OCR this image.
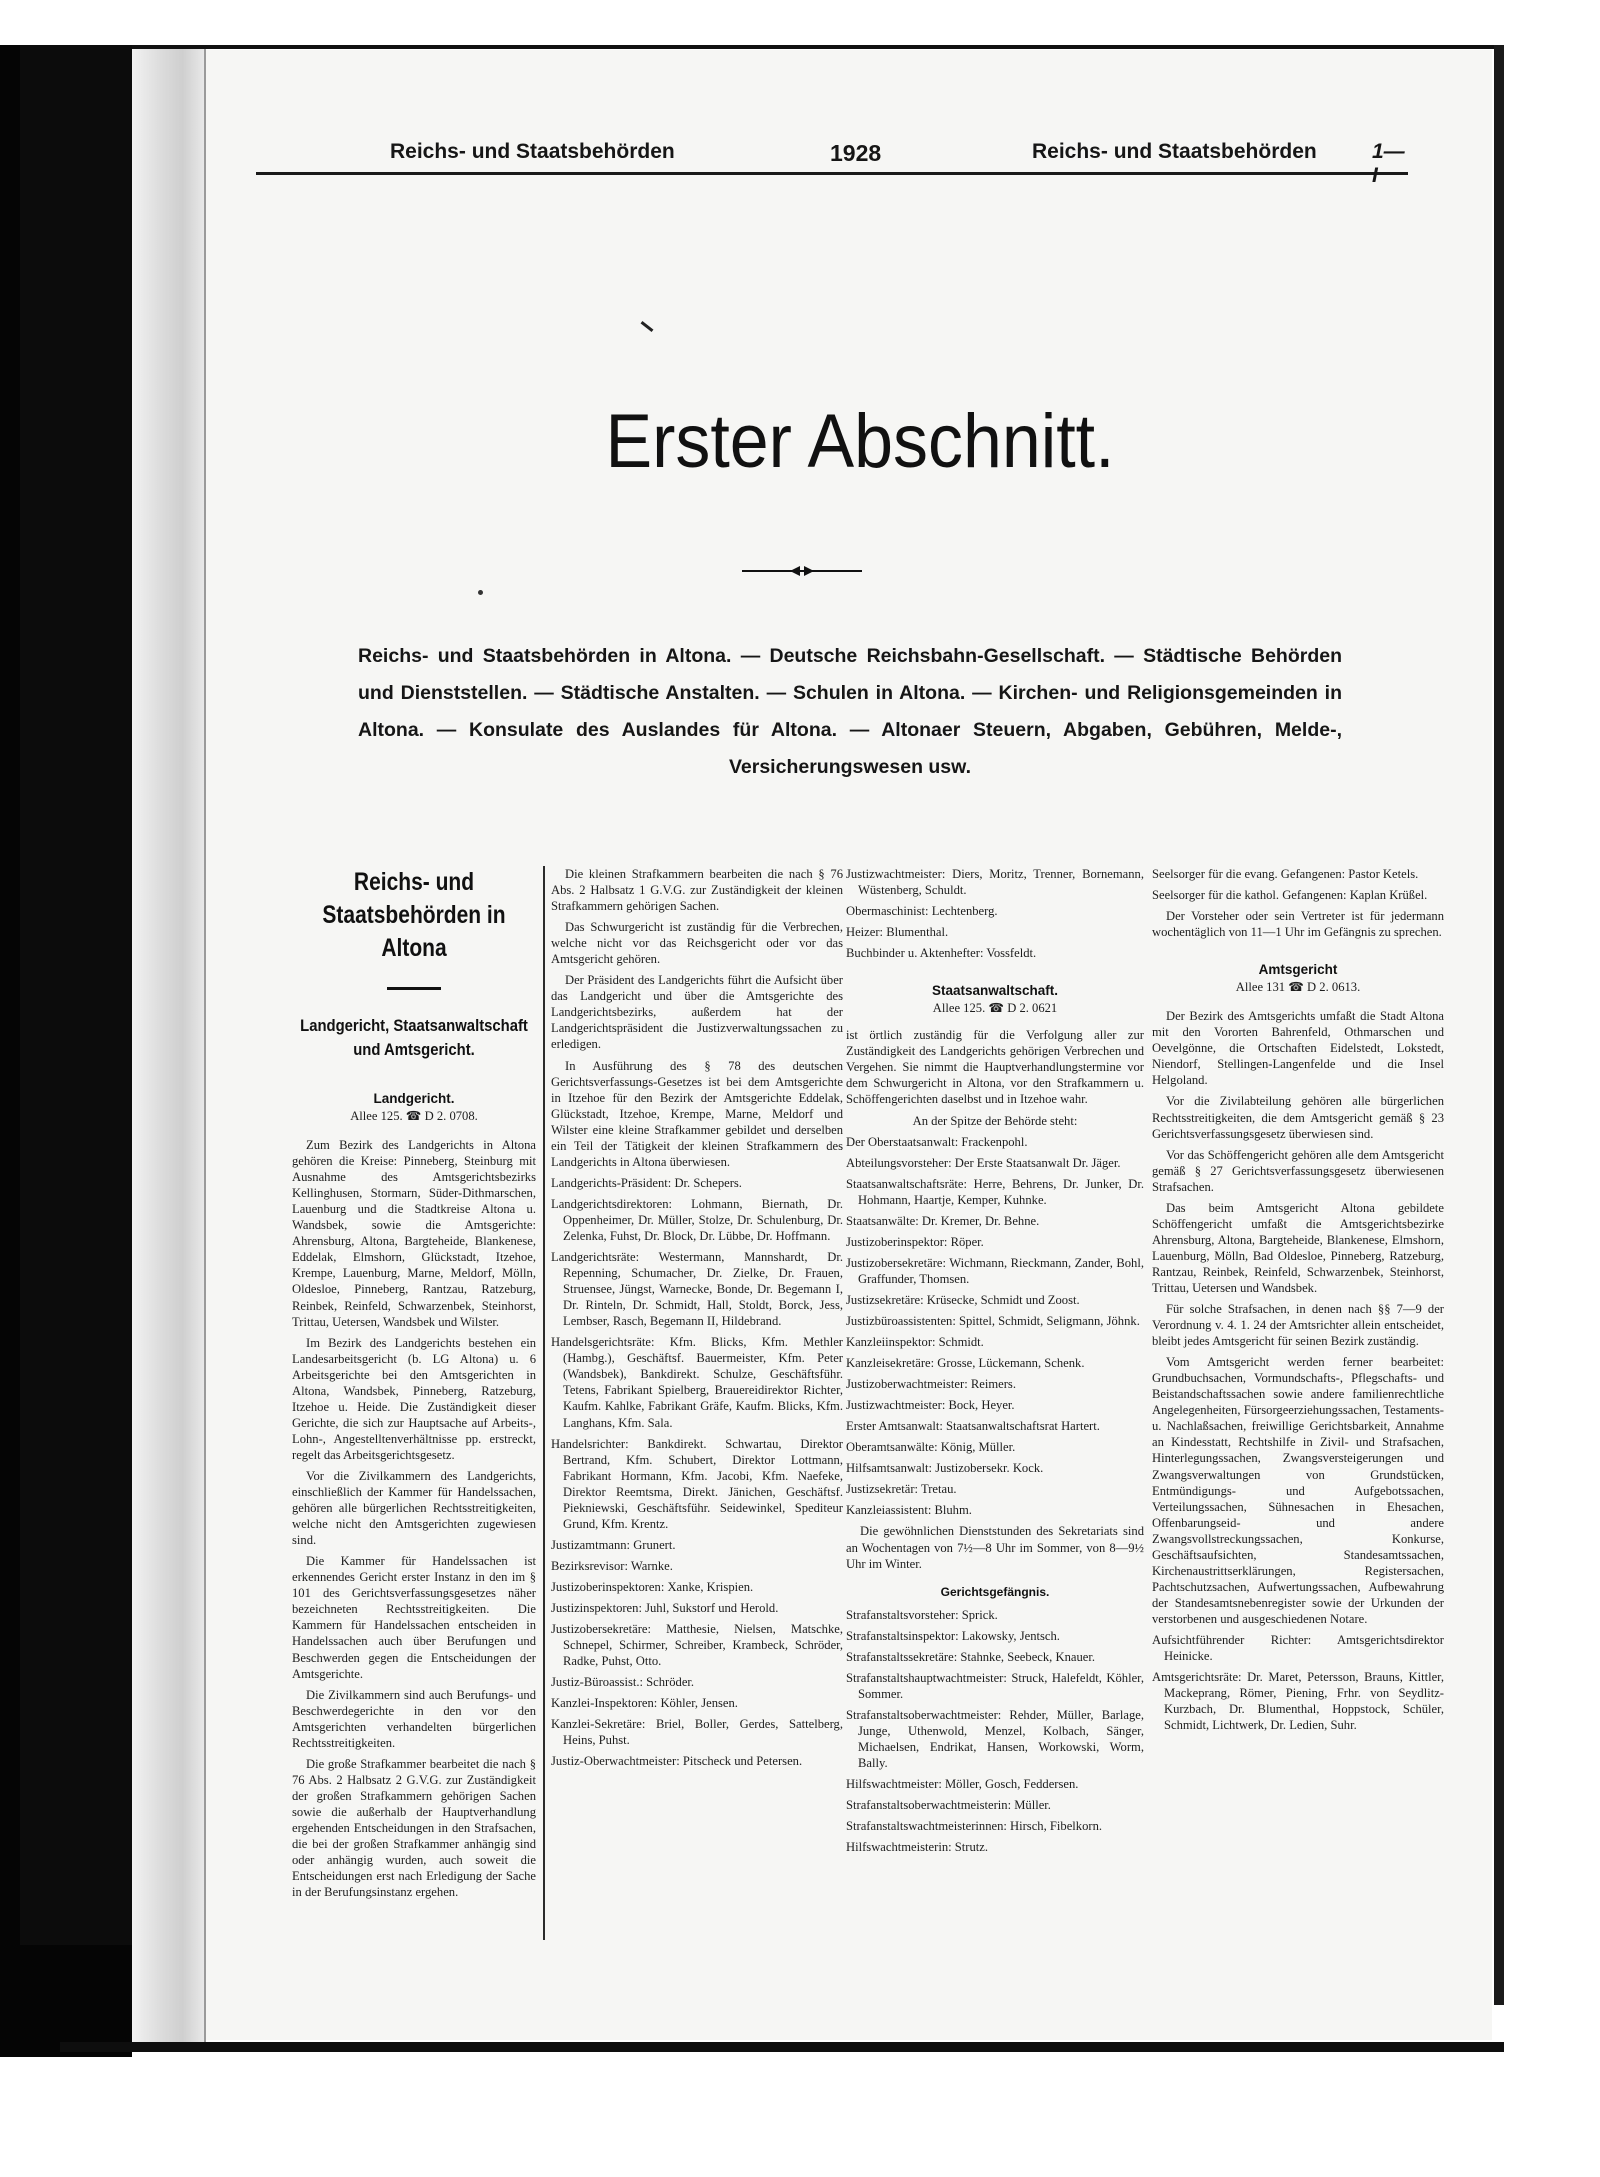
Reichs- und Staatsbehörden	1928	Reichs- und Staatsbehörden	1—I
Erster Abschnitt.
Reichs- und Staatsbehörden in Altona. — Deutsche Reichsbahn-Gesellschaft. — Städtische Behörden und Dienststellen. — Städtische Anstalten. — Schulen in Altona. — Kirchen- und Religionsgemeinden in Altona. — Konsulate des Auslandes für Altona. — Altonaer Steuern, Abgaben, Gebühren, Melde-, Versicherungswesen usw.
Reichs- und Staatsbehörden in Altona
Landgericht, Staatsanwaltschaft und Amtsgericht.
Landgericht.

Allee 125. ☎ D 2. 0708.

Zum Bezirk des Landgerichts in Altona gehören die Kreise: Pinneberg, Steinburg mit Ausnahme des Amtsgerichtsbezirks Kellinghusen, Stormarn, Süder-Dithmarschen, Lauenburg und die Stadtkreise Altona u. Wandsbek, sowie die Amtsgerichte: Ahrensburg, Altona, Bargteheide, Blankenese, Eddelak, Elmshorn, Glückstadt, Itzehoe, Krempe, Lauenburg, Marne, Meldorf, Mölln, Oldesloe, Pinneberg, Rantzau, Ratzeburg, Reinbek, Reinfeld, Schwarzenbek, Steinhorst, Trittau, Uetersen, Wandsbek und Wilster.

Im Bezirk des Landgerichts bestehen ein Landesarbeitsgericht (b. LG Altona) u. 6 Arbeitsgerichte bei den Amtsgerichten in Altona, Wandsbek, Pinneberg, Ratzeburg, Itzehoe u. Heide. Die Zuständigkeit dieser Gerichte, die sich zur Hauptsache auf Arbeits-, Lohn-, Angestelltenverhältnisse pp. erstreckt, regelt das Arbeitsgerichtsgesetz.

Vor die Zivilkammern des Landgerichts, einschließlich der Kammer für Handelssachen, gehören alle bürgerlichen Rechtsstreitigkeiten, welche nicht den Amtsgerichten zugewiesen sind.

Die Kammer für Handelssachen ist erkennendes Gericht erster Instanz in den im § 101 des Gerichtsverfassungsgesetzes näher bezeichneten Rechtsstreitigkeiten. Die Kammern für Handelssachen entscheiden in Handelssachen auch über Berufungen und Beschwerden gegen die Entscheidungen der Amtsgerichte.

Die Zivilkammern sind auch Berufungs- und Beschwerdegerichte in den vor den Amtsgerichten verhandelten bürgerlichen Rechtsstreitigkeiten.

Die große Strafkammer bearbeitet die nach § 76 Abs. 2 Halbsatz 2 G.V.G. zur Zuständigkeit der großen Strafkammern gehörigen Sachen sowie die außerhalb der Hauptverhandlung ergehenden Entscheidungen in den Strafsachen, die bei der großen Strafkammer anhängig sind oder anhängig wurden, auch soweit die Entscheidungen erst nach Erledigung der Sache in der Berufungsinstanz ergehen.

Die kleinen Strafkammern bearbeiten die nach § 76 Abs. 2 Halbsatz 1 G.V.G. zur Zuständigkeit der kleinen Strafkammern gehörigen Sachen.

Das Schwurgericht ist zuständig für die Verbrechen, welche nicht vor das Reichsgericht oder vor das Amtsgericht gehören.

Der Präsident des Landgerichts führt die Aufsicht über das Landgericht und über die Amtsgerichte des Landgerichtsbezirks, außerdem hat der Landgerichtspräsident die Justizverwaltungssachen zu erledigen.

In Ausführung des § 78 des deutschen Gerichtsverfassungs-Gesetzes ist bei dem Amtsgerichte in Itzehoe für den Bezirk der Amtsgerichte Eddelak, Glückstadt, Itzehoe, Krempe, Marne, Meldorf und Wilster eine kleine Strafkammer gebildet und derselben ein Teil der Tätigkeit der kleinen Strafkammern des Landgerichts in Altona überwiesen.

Landgerichts-Präsident: Dr. Schepers.

Landgerichtsdirektoren: Lohmann, Biernath, Dr. Oppenheimer, Dr. Müller, Stolze, Dr. Schulenburg, Dr. Zelenka, Fuhst, Dr. Block, Dr. Lübbe, Dr. Hoffmann.

Landgerichtsräte: Westermann, Mannshardt, Dr. Repenning, Schumacher, Dr. Zielke, Dr. Frauen, Struensee, Jüngst, Warnecke, Bonde, Dr. Begemann I, Dr. Rinteln, Dr. Schmidt, Hall, Stoldt, Borck, Jess, Lembser, Rasch, Begemann II, Hildebrand.

Handelsgerichtsräte: Kfm. Blicks, Kfm. Methler (Hambg.), Geschäftsf. Bauermeister, Kfm. Peter (Wandsbek), Bankdirekt. Schulze, Geschäftsführ. Tetens, Fabrikant Spielberg, Brauereidirektor Richter, Kaufm. Kahlke, Fabrikant Gräfe, Kaufm. Blicks, Kfm. Langhans, Kfm. Sala.

Handelsrichter: Bankdirekt. Schwartau, Direktor Bertrand, Kfm. Schubert, Direktor Lottmann, Fabrikant Hormann, Kfm. Jacobi, Kfm. Naefeke, Direktor Reemtsma, Direkt. Jänichen, Geschäftsf. Piekniewski, Geschäftsführ. Seidewinkel, Spediteur Grund, Kfm. Krentz.

Justizamtmann: Grunert.

Bezirksrevisor: Warnke.

Justizoberinspektoren: Xanke, Krispien.

Justizinspektoren: Juhl, Sukstorf und Herold.

Justizobersekretäre: Matthesie, Nielsen, Matschke, Schnepel, Schirmer, Schreiber, Krambeck, Schröder, Radke, Puhst, Otto.

Justiz-Büroassist.: Schröder.

Kanzlei-Inspektoren: Köhler, Jensen.

Kanzlei-Sekretäre: Briel, Boller, Gerdes, Sattelberg, Heins, Puhst.

Justiz-Oberwachtmeister: Pitscheck und Petersen.

Justizwachtmeister: Diers, Moritz, Trenner, Bornemann, Wüstenberg, Schuldt.

Obermaschinist: Lechtenberg.

Heizer: Blumenthal.

Buchbinder u. Aktenhefter: Vossfeldt.

Staatsanwaltschaft.

Allee 125. ☎ D 2. 0621

ist örtlich zuständig für die Verfolgung aller zur Zuständigkeit des Landgerichts gehörigen Verbrechen und Vergehen. Sie nimmt die Hauptverhandlungstermine vor dem Schwurgericht in Altona, vor den Strafkammern u. Schöffengerichten daselbst und in Itzehoe wahr.

An der Spitze der Behörde steht:

Der Oberstaatsanwalt: Frackenpohl.

Abteilungsvorsteher: Der Erste Staatsanwalt Dr. Jäger.

Staatsanwaltschaftsräte: Herre, Behrens, Dr. Junker, Dr. Hohmann, Haartje, Kemper, Kuhnke.

Staatsanwälte: Dr. Kremer, Dr. Behne.

Justizoberinspektor: Röper.

Justizobersekretäre: Wichmann, Rieckmann, Zander, Bohl, Graffunder, Thomsen.

Justizsekretäre: Krüsecke, Schmidt und Zoost.

Justizbüroassistenten: Spittel, Schmidt, Seligmann, Jöhnk.

Kanzleiinspektor: Schmidt.

Kanzleisekretäre: Grosse, Lückemann, Schenk.

Justizoberwachtmeister: Reimers.

Justizwachtmeister: Bock, Heyer.

Erster Amtsanwalt: Staatsanwaltschaftsrat Hartert.

Oberamtsanwälte: König, Müller.

Hilfsamtsanwalt: Justizobersekr. Kock.

Justizsekretär: Tretau.

Kanzleiassistent: Bluhm.

Die gewöhnlichen Dienststunden des Sekretariats sind an Wochentagen von 7½—8 Uhr im Sommer, von 8—9½ Uhr im Winter.

Gerichtsgefängnis.

Strafanstaltsvorsteher: Sprick.

Strafanstaltsinspektor: Lakowsky, Jentsch.

Strafanstaltssekretäre: Stahnke, Seebeck, Knauer.

Strafanstaltshauptwachtmeister: Struck, Halefeldt, Köhler, Sommer.

Strafanstaltsoberwachtmeister: Rehder, Müller, Barlage, Junge, Uthenwold, Menzel, Kolbach, Sänger, Michaelsen, Endrikat, Hansen, Workowski, Worm, Bally.

Hilfswachtmeister: Möller, Gosch, Feddersen.

Strafanstaltsoberwachtmeisterin: Müller.

Strafanstaltswachtmeisterinnen: Hirsch, Fibelkorn.

Hilfswachtmeisterin: Strutz.

Seelsorger für die evang. Gefangenen: Pastor Ketels.

Seelsorger für die kathol. Gefangenen: Kaplan Krüßel.

Der Vorsteher oder sein Vertreter ist für jedermann wochentäglich von 11—1 Uhr im Gefängnis zu sprechen.

Amtsgericht

Allee 131 ☎ D 2. 0613.

Der Bezirk des Amtsgerichts umfaßt die Stadt Altona mit den Vororten Bahrenfeld, Othmarschen und Oevelgönne, die Ortschaften Eidelstedt, Lokstedt, Niendorf, Stellingen-Langenfelde und die Insel Helgoland.

Vor die Zivilabteilung gehören alle bürgerlichen Rechtsstreitigkeiten, die dem Amtsgericht gemäß § 23 Gerichtsverfassungsgesetz überwiesen sind.

Vor das Schöffengericht gehören alle dem Amtsgericht gemäß § 27 Gerichtsverfassungsgesetz überwiesenen Strafsachen.

Das beim Amtsgericht Altona gebildete Schöffengericht umfaßt die Amtsgerichtsbezirke Ahrensburg, Altona, Bargteheide, Blankenese, Elmshorn, Lauenburg, Mölln, Bad Oldesloe, Pinneberg, Ratzeburg, Rantzau, Reinbek, Reinfeld, Schwarzenbek, Steinhorst, Trittau, Uetersen und Wandsbek.

Für solche Strafsachen, in denen nach §§ 7—9 der Verordnung v. 4. 1. 24 der Amtsrichter allein entscheidet, bleibt jedes Amtsgericht für seinen Bezirk zuständig.

Vom Amtsgericht werden ferner bearbeitet: Grundbuchsachen, Vormundschafts-, Pflegschafts- und Beistandschaftssachen sowie andere familienrechtliche Angelegenheiten, Fürsorgeerziehungssachen, Testaments- u. Nachlaßsachen, freiwillige Gerichtsbarkeit, Annahme an Kindesstatt, Rechtshilfe in Zivil- und Strafsachen, Hinterlegungssachen, Zwangsversteigerungen und Zwangsverwaltungen von Grundstücken, Entmündigungs- und Aufgebotssachen, Verteilungssachen, Sühnesachen in Ehesachen, Offenbarungseid- und andere Zwangsvollstreckungssachen, Konkurse, Geschäftsaufsichten, Standesamtssachen, Kirchenaustrittserklärungen, Registersachen, Pachtschutzsachen, Aufwertungssachen, Aufbewahrung der Standesamtsnebenregister sowie der Urkunden der verstorbenen und ausgeschiedenen Notare.

Aufsichtführender Richter: Amtsgerichtsdirektor Heinicke.

Amtsgerichtsräte: Dr. Maret, Petersson, Brauns, Kittler, Mackeprang, Römer, Piening, Frhr. von Seydlitz-Kurzbach, Dr. Blumenthal, Hoppstock, Schüler, Schmidt, Lichtwerk, Dr. Ledien, Suhr.
